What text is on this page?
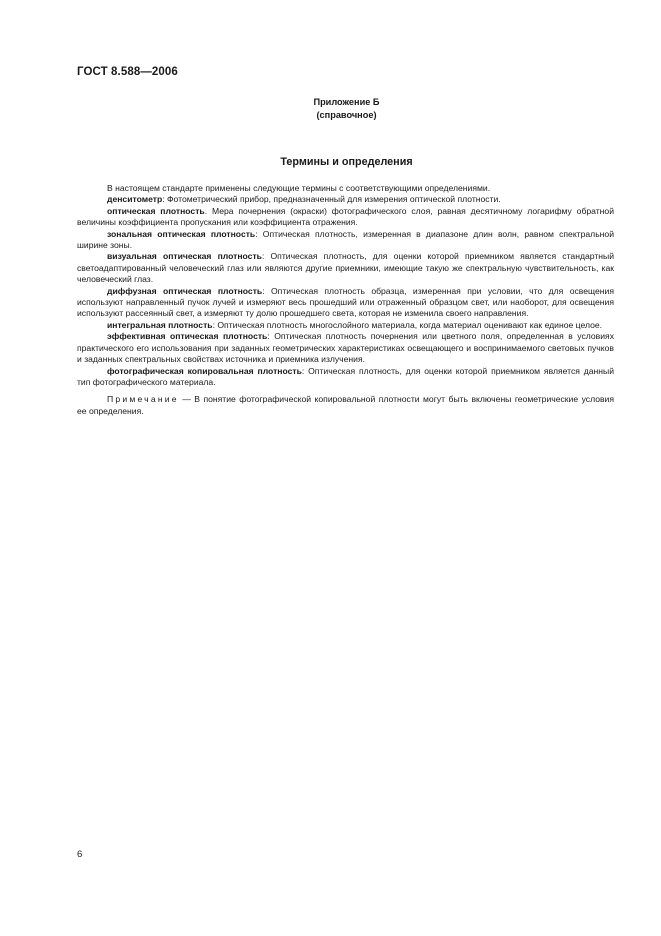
ГОСТ 8.588—2006
Приложение Б
(справочное)
Термины и определения

В настоящем стандарте применены следующие термины с соответствующими определениями.

денситометр: Фотометрический прибор, предназначенный для измерения оптической плотности.

оптическая плотность. Мера почернения (окраски) фотографического слоя, равная десятичному логарифму обратной величины коэффициента пропускания или коэффициента отражения.

зональная оптическая плотность: Оптическая плотность, измеренная в диапазоне длин волн, равном спектральной ширине зоны.

визуальная оптическая плотность: Оптическая плотность, для оценки которой приемником является стандартный светоадаптированный человеческий глаз или являются другие приемники, имеющие такую же спектральную чувствительность, как человеческий глаз.

диффузная оптическая плотность: Оптическая плотность образца, измеренная при условии, что для освещения используют направленный пучок лучей и измеряют весь прошедший или отраженный образцом свет, или наоборот, для освещения используют рассеянный свет, а измеряют ту долю прошедшего света, которая не изменила своего направления.

интегральная плотность: Оптическая плотность многослойного материала, когда материал оценивают как единое целое.

эффективная оптическая плотность: Оптическая плотность почернения или цветного поля, определенная в условиях практического его использования при заданных геометрических характеристиках освещающего и воспринимаемого световых пучков и заданных спектральных свойствах источника и приемника излучения.

фотографическая копировальная плотность: Оптическая плотность, для оценки которой приемником является данный тип фотографического материала.

Примечание — В понятие фотографической копировальной плотности могут быть включены геометрические условия ее определения.

6
